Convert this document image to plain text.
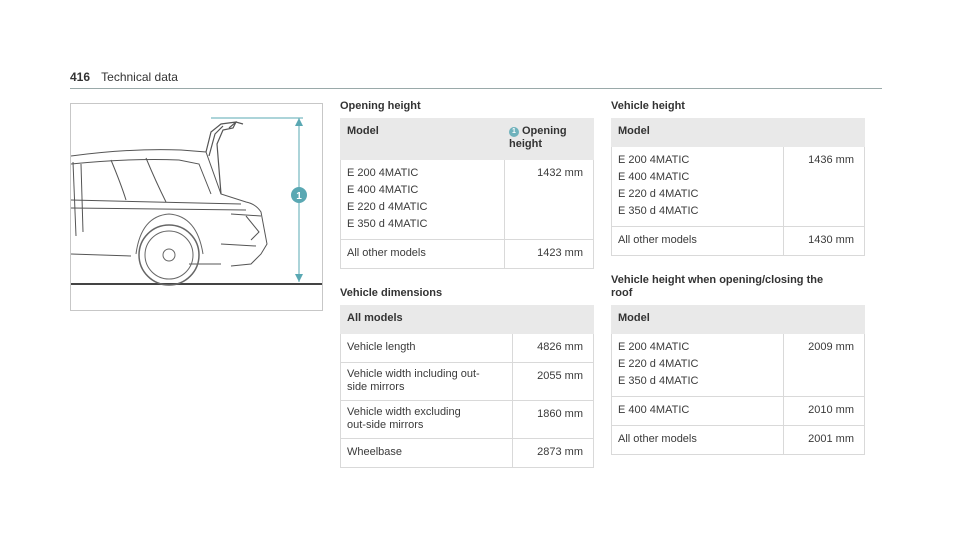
416 Technical data
1
Opening height
Model	1 Opening height

E 200 4MATIC
E 400 4MATIC
E 220 d 4MATIC
E 350 d 4MATIC	1432 mm
All other models	1423 mm
Vehicle dimensions
All models	
Vehicle length	4826 mm
Vehicle width including out-side mirrors	2055 mm
Vehicle width excluding out-side mirrors	1860 mm
Wheelbase	2873 mm
Vehicle height
Model	

E 200 4MATIC
E 400 4MATIC
E 220 d 4MATIC
E 350 d 4MATIC	1436 mm
All other models	1430 mm
Vehicle height when opening/closing the roof
Model	

E 200 4MATIC
E 220 d 4MATIC
E 350 d 4MATIC	2009 mm
E 400 4MATIC	2010 mm
All other models	2001 mm
